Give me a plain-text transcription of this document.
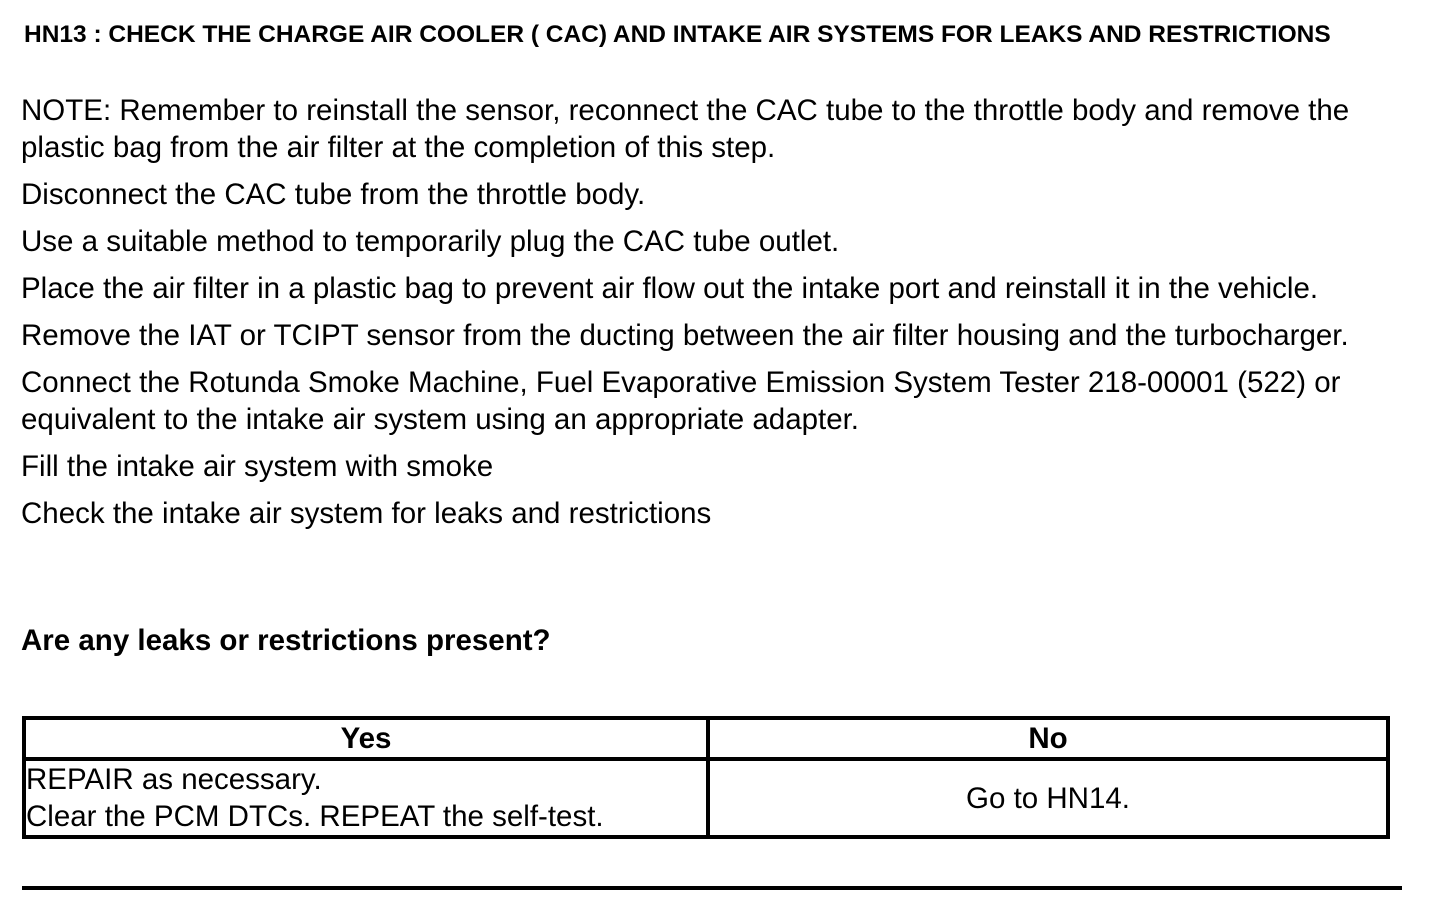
HN13 : CHECK THE CHARGE AIR COOLER ( CAC) AND INTAKE AIR SYSTEMS FOR LEAKS AND RESTRICTIONS
NOTE: Remember to reinstall the sensor, reconnect the CAC tube to the throttle body and remove the plastic bag from the air filter at the completion of this step.
Disconnect the CAC tube from the throttle body.
Use a suitable method to temporarily plug the CAC tube outlet.
Place the air filter in a plastic bag to prevent air flow out the intake port and reinstall it in the vehicle.
Remove the IAT or TCIPT sensor from the ducting between the air filter housing and the turbocharger.
Connect the Rotunda Smoke Machine, Fuel Evaporative Emission System Tester 218-00001 (522) or equivalent to the intake air system using an appropriate adapter.
Fill the intake air system with smoke
Check the intake air system for leaks and restrictions

Are any leaks or restrictions present?

Yes	No

REPAIR as necessary.
Clear the PCM DTCs. REPEAT the self-test.	Go to HN14.
